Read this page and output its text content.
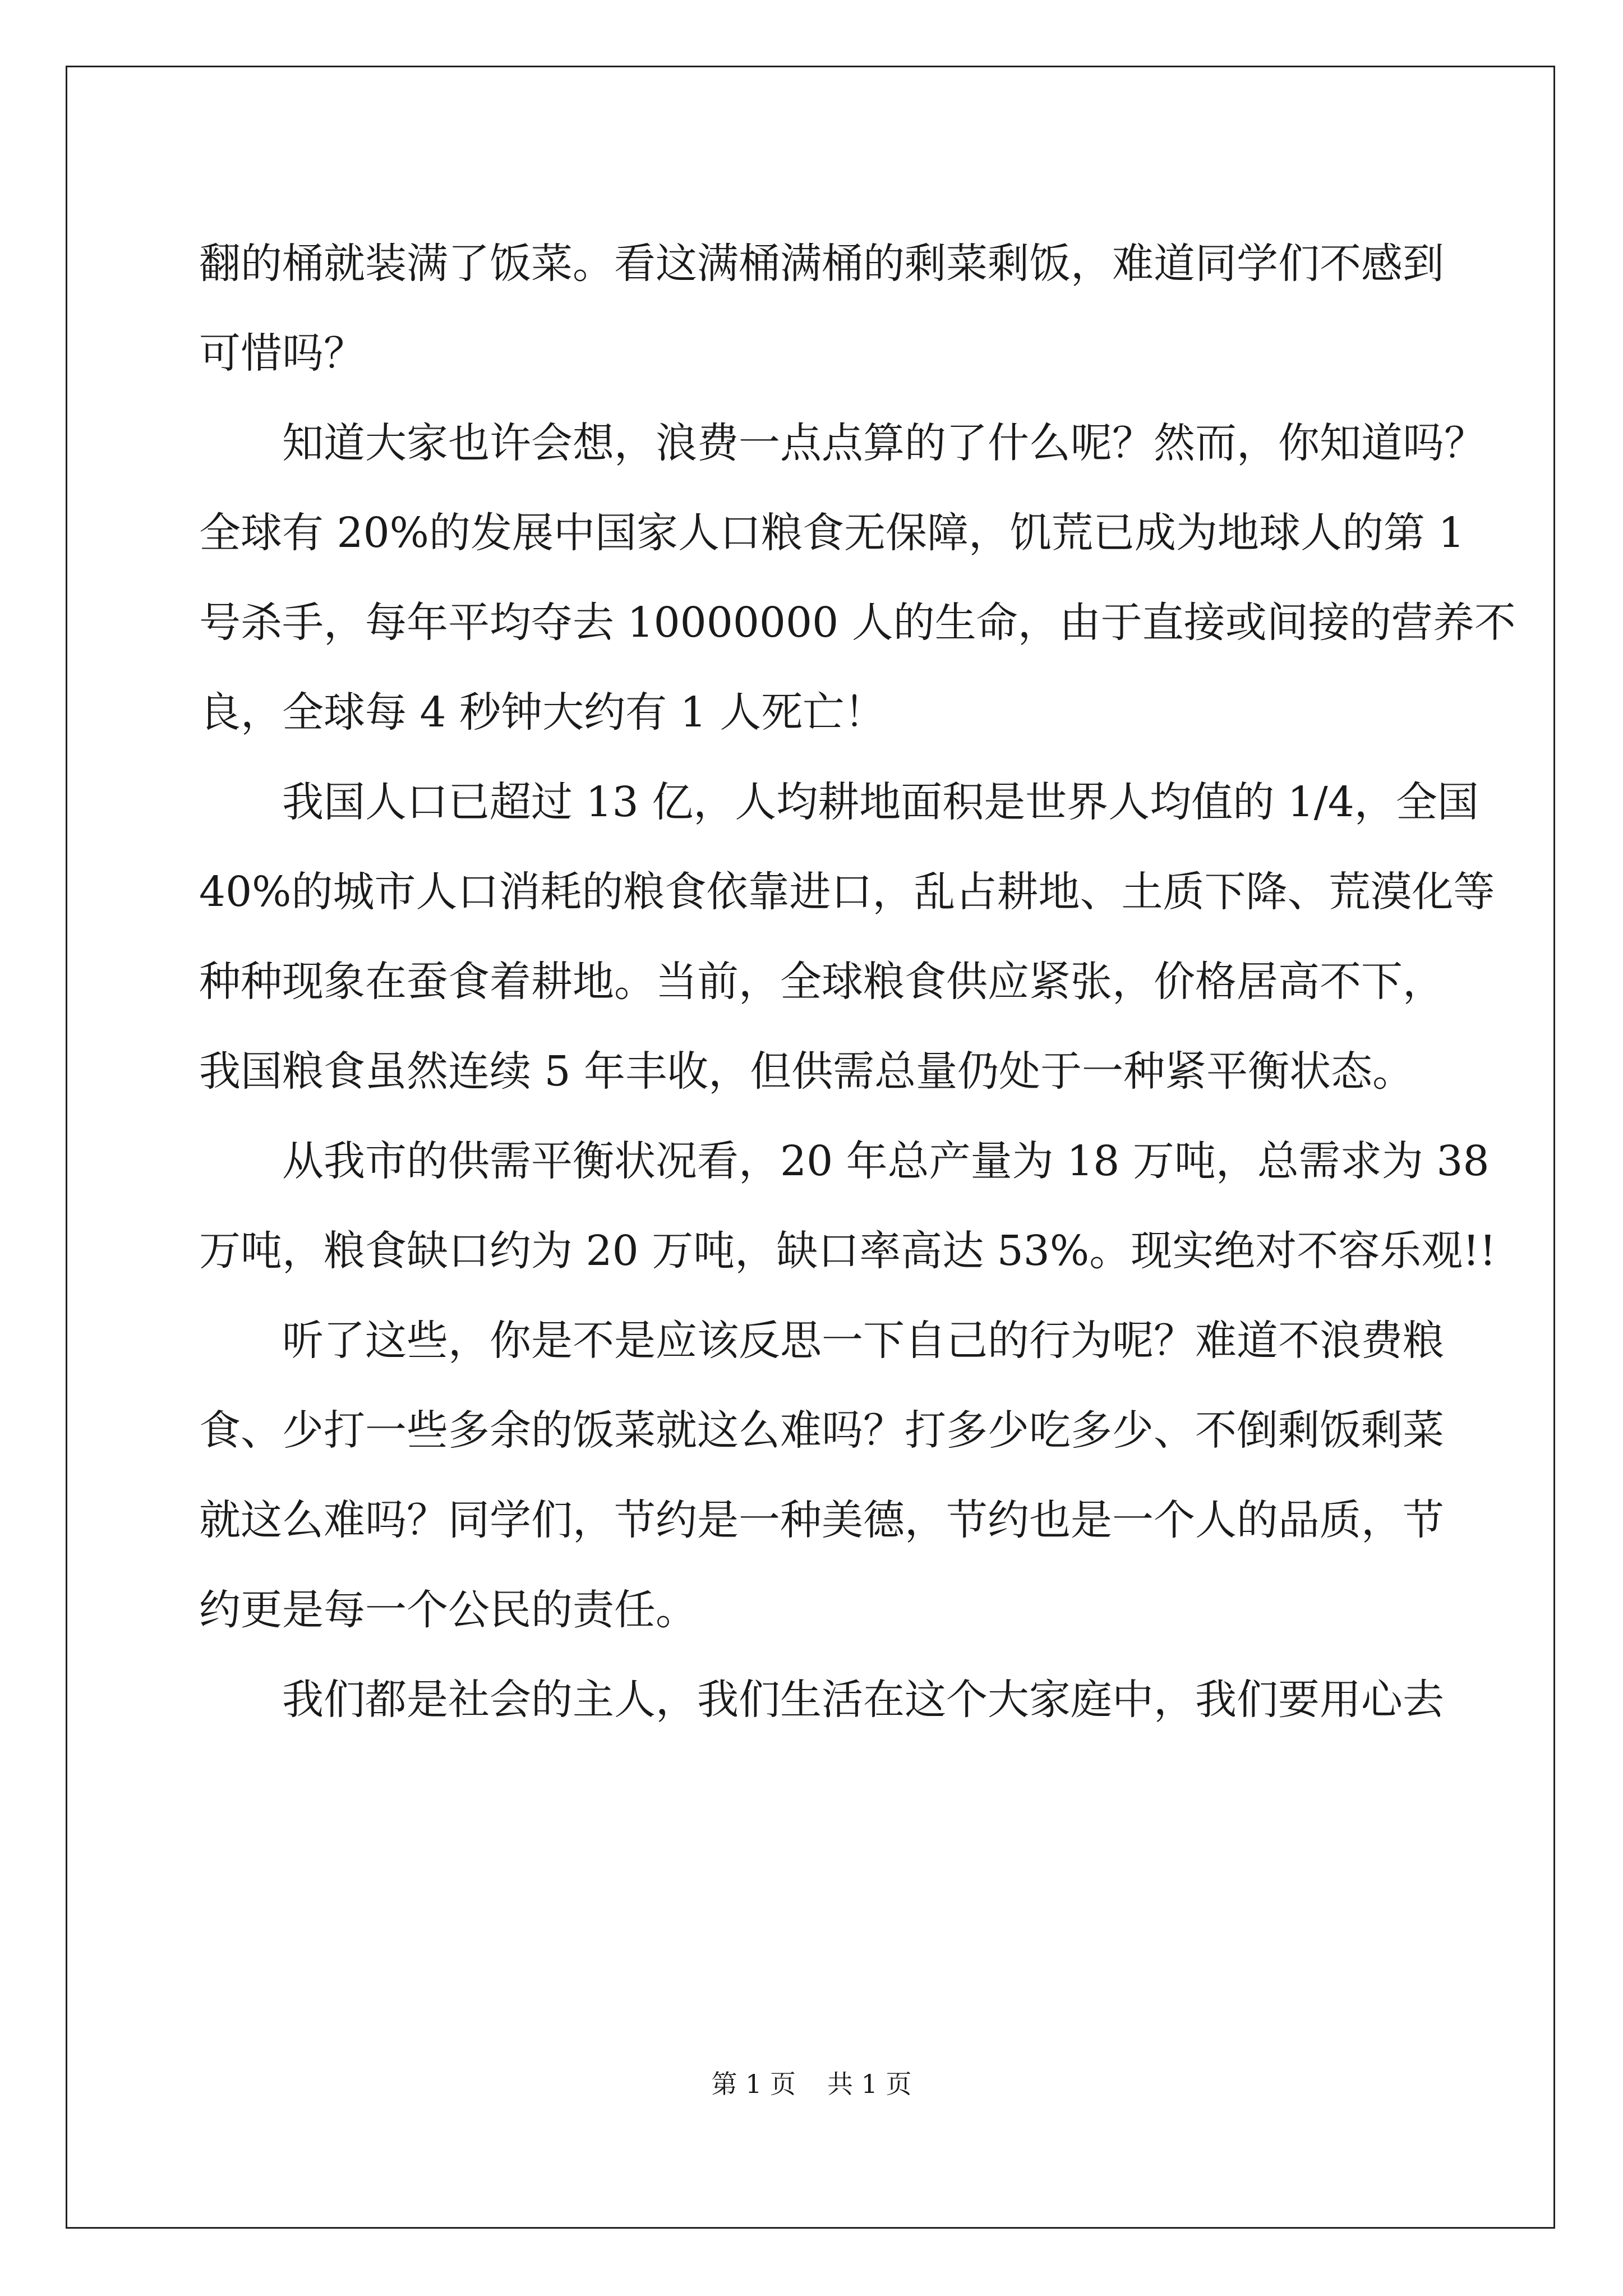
翻的桶就装满了饭菜。看这满桶满桶的剩菜剩饭，难道同学们不感到
可惜吗？
知道大家也许会想，浪费一点点算的了什么呢？然而，你知道吗？
全球有 20%的发展中国家人口粮食无保障，饥荒已成为地球人的第 1
号杀手，每年平均夺去 10000000 人的生命，由于直接或间接的营养不
良，全球每 4 秒钟大约有 1 人死亡！
我国人口已超过 13 亿，人均耕地面积是世界人均值的 1/4，全国
40%的城市人口消耗的粮食依靠进口，乱占耕地、土质下降、荒漠化等
种种现象在蚕食着耕地。当前，全球粮食供应紧张，价格居高不下，
我国粮食虽然连续 5 年丰收，但供需总量仍处于一种紧平衡状态。
从我市的供需平衡状况看，20 年总产量为 18 万吨，总需求为 38
万吨，粮食缺口约为 20 万吨，缺口率高达 53%。现实绝对不容乐观!!
听了这些，你是不是应该反思一下自己的行为呢？难道不浪费粮
食、少打一些多余的饭菜就这么难吗？打多少吃多少、不倒剩饭剩菜
就这么难吗？同学们，节约是一种美德，节约也是一个人的品质，节
约更是每一个公民的责任。
我们都是社会的主人，我们生活在这个大家庭中，我们要用心去
第 1 页 共 1 页
